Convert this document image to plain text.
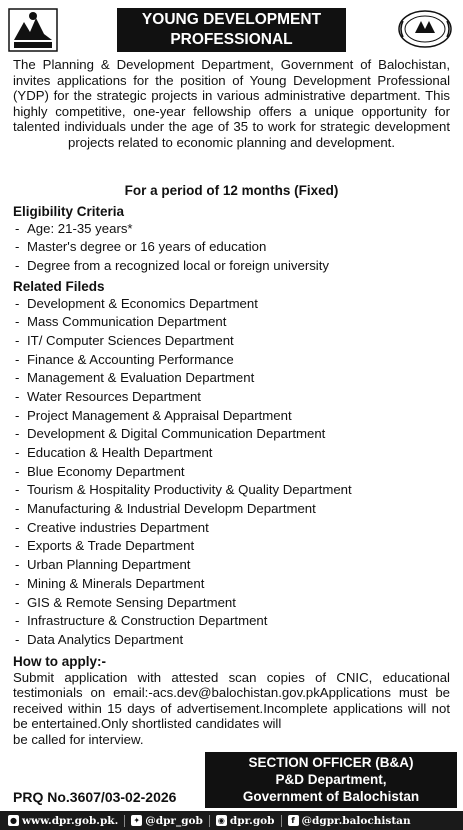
YOUNG DEVELOPMENT
PROFESSIONAL
The Planning & Development Department, Government of Balochistan, invites applications for the position of Young Development Professional (YDP) for the strategic projects in various administrative department. This highly competitive, one-year fellowship offers a unique opportunity for talented individuals under the age of 35 to work for strategic development projects related to economic planning and development.
For a period of 12 months (Fixed)
Eligibility Criteria
- Age: 21-35 years*
- Master's degree or 16 years of education
- Degree from a recognized local or foreign university
Related Fileds
- Development & Economics Department
- Mass Communication Department
- IT/ Computer Sciences Department
- Finance & Accounting Performance
- Management & Evaluation Department
- Water Resources Department
- Project Management & Appraisal Department
- Development & Digital Communication Department
- Education & Health Department
- Blue Economy Department
- Tourism & Hospitality Productivity & Quality Department
- Manufacturing & Industrial Developm Department
- Creative industries Department
- Exports & Trade Department
- Urban Planning Department
- Mining & Minerals Department
- GIS & Remote Sensing Department
- Infrastructure & Construction Department
- Data Analytics Department
How to apply:-

Submit application with attested scan copies of CNIC, educational testimonials on email:-acs.dev@balochistan.gov.pkApplications must be received within 15 days of advertisement.Incomplete applications will not be entertained.Only shortlisted candidates will

be called for interview.

SECTION OFFICER (B&A)
P&D Department,
Government of Balochistan
PRQ No.3607/03-02-2026
● www.dpr.gob.pk. ✦ @dpr_gob ◉ dpr.gob	f @dgpr.balochistan
